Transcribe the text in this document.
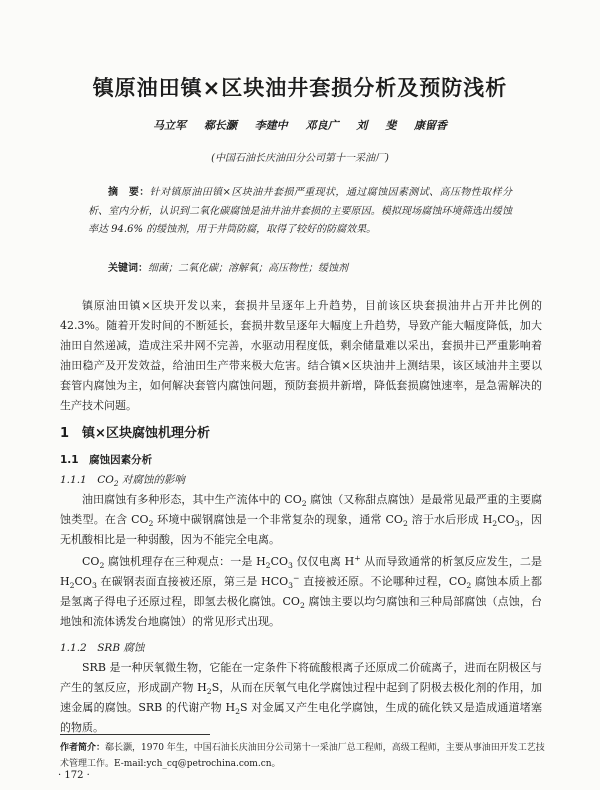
镇原油田镇×区块油井套损分析及预防浅析

马立军 郗长灏 李建中 邓良广 刘 斐 康留香

(中国石油长庆油田分公司第十一采油厂)

摘　要：针对镇原油田镇×区块油井套损严重现状，通过腐蚀因素测试、高压物性取样分析、室内分析，认识到二氧化碳腐蚀是油井油井套损的主要原因。模拟现场腐蚀环境筛选出缓蚀率达 94.6% 的缓蚀剂，用于井筒防腐，取得了较好的防腐效果。

关键词：细菌；二氧化碳；溶解氧；高压物性；缓蚀剂

镇原油田镇×区块开发以来，套损井呈逐年上升趋势，目前该区块套损油井占开井比例的 42.3%。随着开发时间的不断延长，套损井数呈逐年大幅度上升趋势，导致产能大幅度降低，加大油田自然递减，造成注采井网不完善，水驱动用程度低，剩余储量难以采出，套损井已严重影响着油田稳产及开发效益，给油田生产带来极大危害。结合镇×区块油井上测结果，该区域油井主要以套管内腐蚀为主，如何解决套管内腐蚀问题，预防套损井新增，降低套损腐蚀速率，是急需解决的生产技术问题。

1　镇×区块腐蚀机理分析
1.1　腐蚀因素分析

1.1.1　 $CO_2$ 对腐蚀的影响

油田腐蚀有多种形态，其中生产流体中的 $CO_2$ 腐蚀（又称甜点腐蚀）是最常见最严重的主要腐蚀类型。在含 $CO_2$ 环境中碳钢腐蚀是一个非常复杂的现象，通常 $CO_2$ 溶于水后形成 $H_2CO_3$，因无机酸相比是一种弱酸，因为不能完全电离。

$CO_2$ 腐蚀机理存在三种观点：一是 $H_2CO_3$ 仅仅电离 H+ 从而导致通常的析氢反应发生，二是 $H_2CO_3$ 在碳钢表面直接被还原，第三是 $HCO_3^-$ 直接被还原。不论哪种过程，$CO_2$ 腐蚀本质上都是氢离子得电子还原过程，即氢去极化腐蚀。$CO_2$ 腐蚀主要以均匀腐蚀和三种局部腐蚀（点蚀，台地蚀和流体诱发台地腐蚀）的常见形式出现。

1.1.2　 SRB 腐蚀

SRB 是一种厌氧微生物，它能在一定条件下将硫酸根离子还原成二价硫离子，进而在阴极区与产生的氢反应，形成副产物 $H_2S$，从而在厌氧气电化学腐蚀过程中起到了阴极去极化剂的作用，加速金属的腐蚀。SRB 的代谢产物 $H_2S$ 对金属又产生电化学腐蚀，生成的硫化铁又是造成通道堵塞的物质。

作者简介：郗长灏，1970 年生，中国石油长庆油田分公司第十一采油厂总工程师，高级工程师，主要从事油田开发工艺技术管理工作。E-mail:ych_cq@petrochina.com.cn。

· 172 ·
